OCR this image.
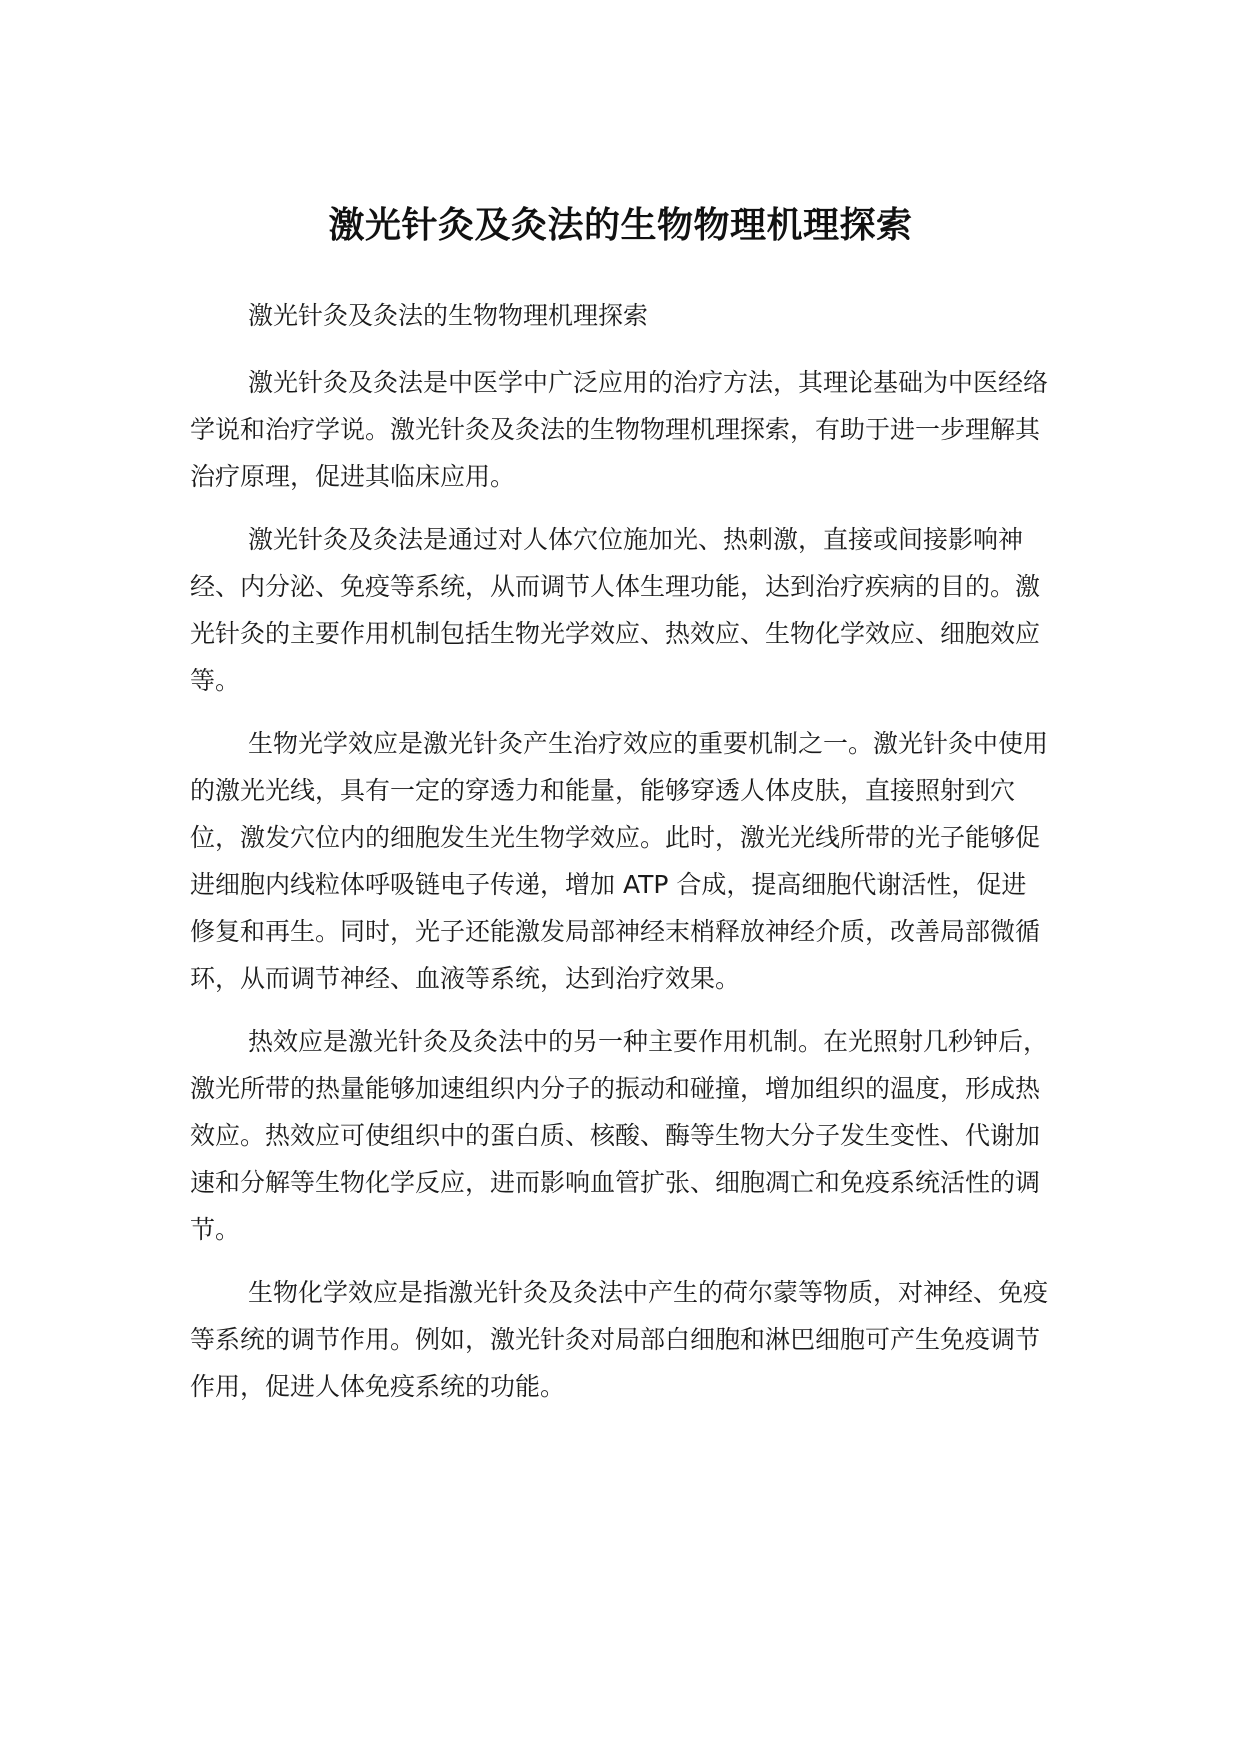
激光针灸及灸法的生物物理机理探索

激光针灸及灸法的生物物理机理探索

激光针灸及灸法是中医学中广泛应用的治疗方法，其理论基础为中医经络学说和治疗学说。激光针灸及灸法的生物物理机理探索，有助于进一步理解其治疗原理，促进其临床应用。

激光针灸及灸法是通过对人体穴位施加光、热刺激，直接或间接影响神经、内分泌、免疫等系统，从而调节人体生理功能，达到治疗疾病的目的。激光针灸的主要作用机制包括生物光学效应、热效应、生物化学效应、细胞效应等。

生物光学效应是激光针灸产生治疗效应的重要机制之一。激光针灸中使用的激光光线，具有一定的穿透力和能量，能够穿透人体皮肤，直接照射到穴位，激发穴位内的细胞发生光生物学效应。此时，激光光线所带的光子能够促进细胞内线粒体呼吸链电子传递，增加 ATP 合成，提高细胞代谢活性，促进修复和再生。同时，光子还能激发局部神经末梢释放神经介质，改善局部微循环，从而调节神经、血液等系统，达到治疗效果。

热效应是激光针灸及灸法中的另一种主要作用机制。在光照射几秒钟后，激光所带的热量能够加速组织内分子的振动和碰撞，增加组织的温度，形成热效应。热效应可使组织中的蛋白质、核酸、酶等生物大分子发生变性、代谢加速和分解等生物化学反应，进而影响血管扩张、细胞凋亡和免疫系统活性的调节。

生物化学效应是指激光针灸及灸法中产生的荷尔蒙等物质，对神经、免疫等系统的调节作用。例如，激光针灸对局部白细胞和淋巴细胞可产生免疫调节作用，促进人体免疫系统的功能。
